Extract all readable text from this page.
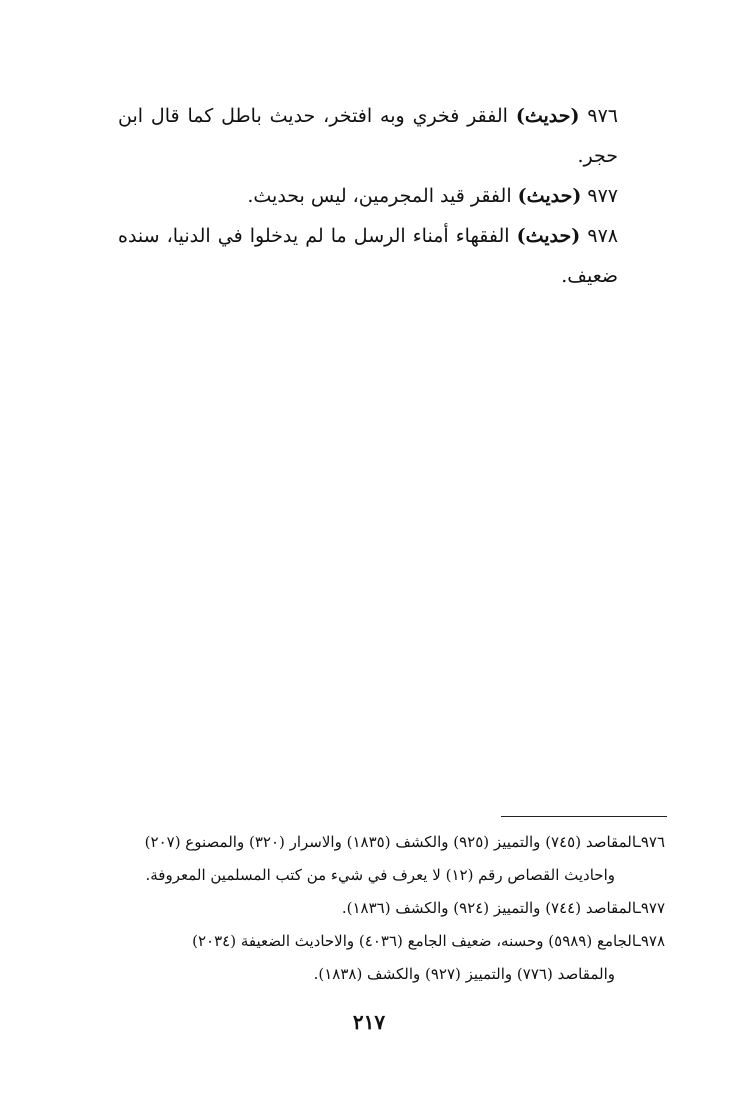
٩٧٦ (حديث) الفقر فخري وبه افتخر، حديث باطل كما قال ابن حجر.

٩٧٧ (حديث) الفقر قيد المجرمين، ليس بحديث.

٩٧٨ (حديث) الفقهاء أمناء الرسل ما لم يدخلوا في الدنيا، سنده ضعيف.

٩٧٦ـالمقاصد (٧٤٥) والتمييز (٩٢٥) والكشف (١٨٣٥) والاسرار (٣٢٠) والمصنوع (٢٠٧)
واحاديث القصاص رقم (١٢) لا يعرف في شيء من كتب المسلمين المعروفة.

٩٧٧ـالمقاصد (٧٤٤) والتمييز (٩٢٤) والكشف (١٨٣٦).

٩٧٨ـالجامع (٥٩٨٩) وحسنه، ضعيف الجامع (٤٠٣٦) والاحاديث الضعيفة (٢٠٣٤)
والمقاصد (٧٧٦) والتمييز (٩٢٧) والكشف (١٨٣٨).

٢١٧
